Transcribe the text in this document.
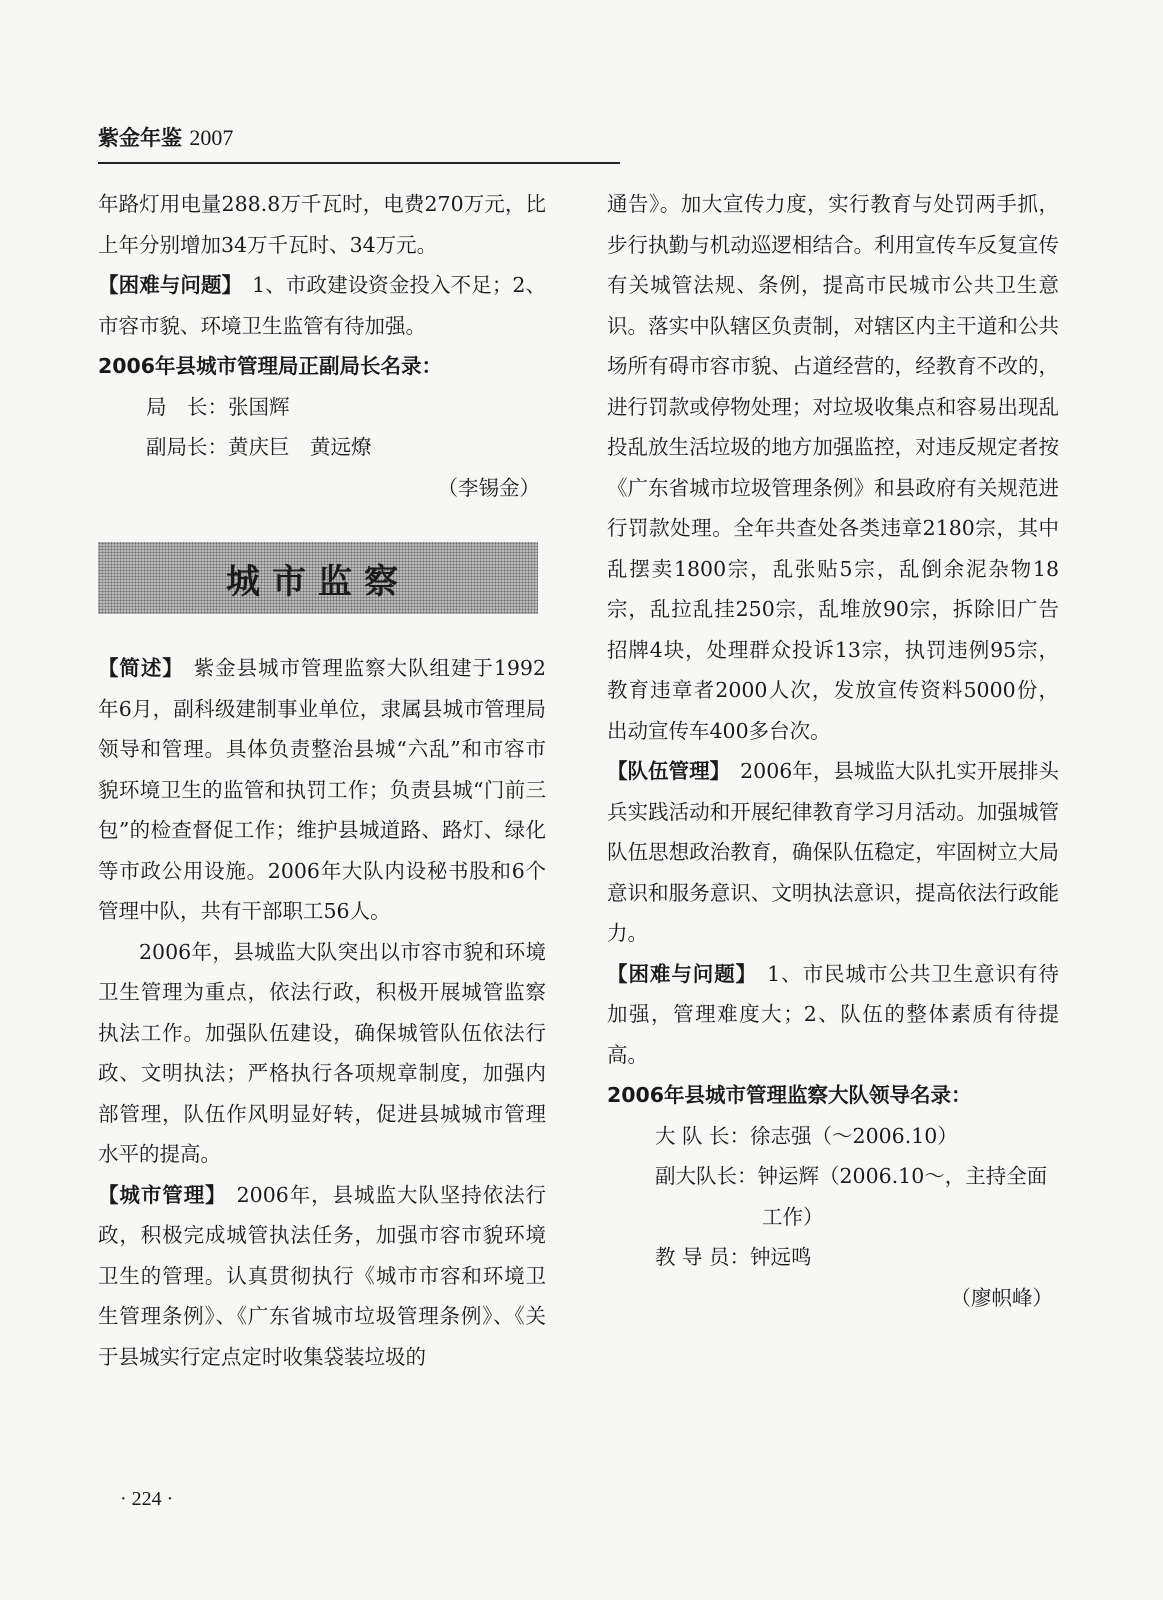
紫金年鉴 2007

年路灯用电量288.8万千瓦时，电费270万元，比上年分别增加34万千瓦时、34万元。

【困难与问题】 1、市政建设资金投入不足；2、市容市貌、环境卫生监管有待加强。

2006年县城市管理局正副局长名录：

局　长：张国辉

副局长：黄庆巨　黄远燎

（李锡金）

城市监察

【简述】 紫金县城市管理监察大队组建于1992年6月，副科级建制事业单位，隶属县城市管理局领导和管理。具体负责整治县城“六乱”和市容市貌环境卫生的监管和执罚工作；负责县城“门前三包”的检查督促工作；维护县城道路、路灯、绿化等市政公用设施。2006年大队内设秘书股和6个管理中队，共有干部职工56人。

2006年，县城监大队突出以市容市貌和环境卫生管理为重点，依法行政，积极开展城管监察执法工作。加强队伍建设，确保城管队伍依法行政、文明执法；严格执行各项规章制度，加强内部管理，队伍作风明显好转，促进县城城市管理水平的提高。

【城市管理】 2006年，县城监大队坚持依法行政，积极完成城管执法任务，加强市容市貌环境卫生的管理。认真贯彻执行《城市市容和环境卫生管理条例》、《广东省城市垃圾管理条例》、《关于县城实行定点定时收集袋装垃圾的

通告》。加大宣传力度，实行教育与处罚两手抓，步行执勤与机动巡逻相结合。利用宣传车反复宣传有关城管法规、条例，提高市民城市公共卫生意识。落实中队辖区负责制，对辖区内主干道和公共场所有碍市容市貌、占道经营的，经教育不改的，进行罚款或停物处理；对垃圾收集点和容易出现乱投乱放生活垃圾的地方加强监控，对违反规定者按《广东省城市垃圾管理条例》和县政府有关规范进行罚款处理。全年共查处各类违章2180宗，其中乱摆卖1800宗，乱张贴5宗，乱倒余泥杂物18宗，乱拉乱挂250宗，乱堆放90宗，拆除旧广告招牌4块，处理群众投诉13宗，执罚违例95宗，教育违章者2000人次，发放宣传资料5000份，出动宣传车400多台次。

【队伍管理】 2006年，县城监大队扎实开展排头兵实践活动和开展纪律教育学习月活动。加强城管队伍思想政治教育，确保队伍稳定，牢固树立大局意识和服务意识、文明执法意识，提高依法行政能力。

【困难与问题】 1、市民城市公共卫生意识有待加强，管理难度大；2、队伍的整体素质有待提高。

2006年县城市管理监察大队领导名录：

大 队 长：徐志强（～2006.10）

副大队长：钟运辉（2006.10～，主持全面

工作）

教 导 员：钟远鸣

（廖帜峰）

· 224 ·
